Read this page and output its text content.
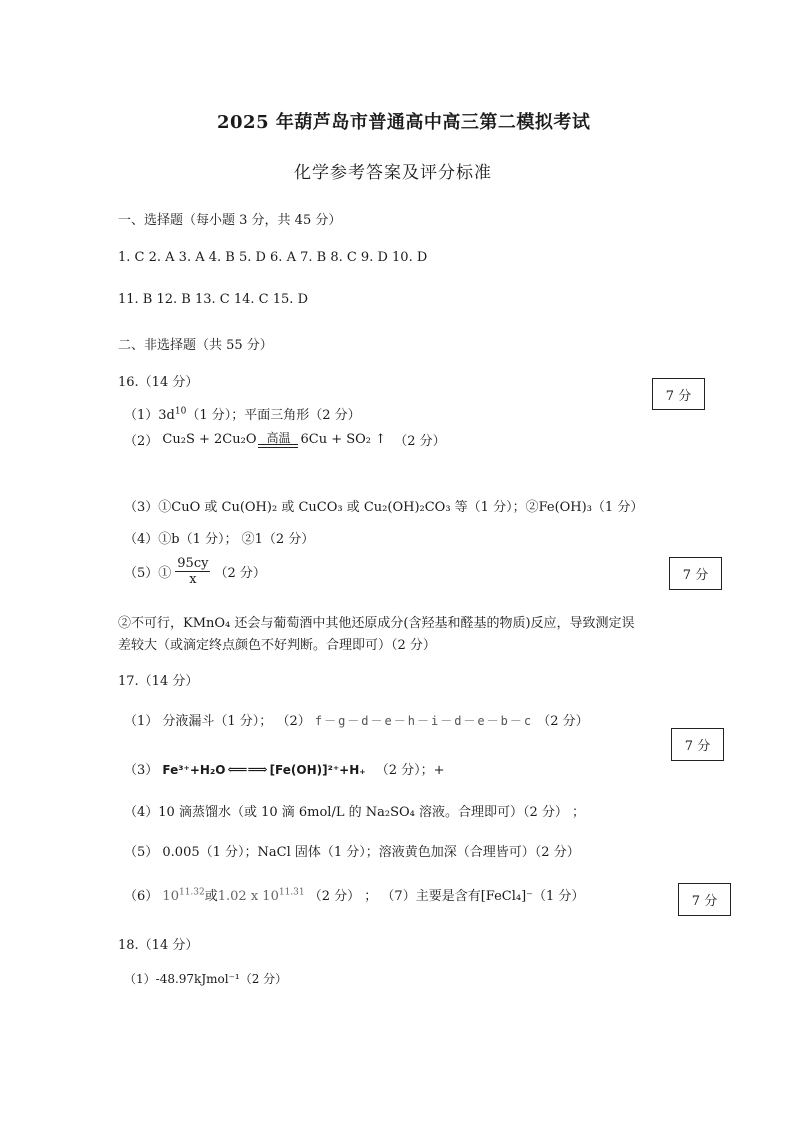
2025 年葫芦岛市普通高中高三第二模拟考试
化学参考答案及评分标准
一、选择题（每小题 3 分，共 45 分）
1. C 2. A 3. A 4. B 5. D 6. A 7. B 8. C 9. D 10. D
11. B 12. B 13. C 14. C 15. D
二、非选择题（共 55 分）
16.（14 分）
7 分
$(1)3d^{10}(1$ 分）；平面三角形（2 分）
（2） Cu₂S + 2Cu₂O 高温 6Cu + SO₂ ↑ （2 分）
（3）①CuO 或 Cu(OH)₂ 或 CuCO₃ 或 Cu₂(OH)₂CO₃ 等（1 分）；②Fe(OH)₃（1 分）
（4）①b（1 分）； ②1（2 分）
（5）① $\frac{95cy}{x} (2$ 分）	7 分
②不可行，KMnO₄ 还会与葡萄酒中其他还原成分(含羟基和醛基的物质)反应，导致测定误
差较大（或滴定终点颜色不好判断。合理即可）（2 分）
17.（14 分）
（1） 分液漏斗（1 分）； （2） f－g－d－e－h－i－d－e－b－c （2 分）
7 分
（3） Fe³⁺+H₂O ⟸⟹ [Fe(OH)]²⁺+H₊ （2 分）；+
（4）10 滴蒸馏水（或 10 滴 6mol/L 的 Na₂SO₄ 溶液。合理即可）（2 分） ；
（5） 0.005（1 分）；NaCl 固体（1 分）；溶液黄色加深（合理皆可）（2 分）
（6） $10^{11.32}$或1.02 x $10^{11.31}$ （2 分） ； （7）主要是含有[FeCl₄]⁻（1 分）	7 分
18.（14 分）
（1）-48.97kJmol⁻¹（2 分）
